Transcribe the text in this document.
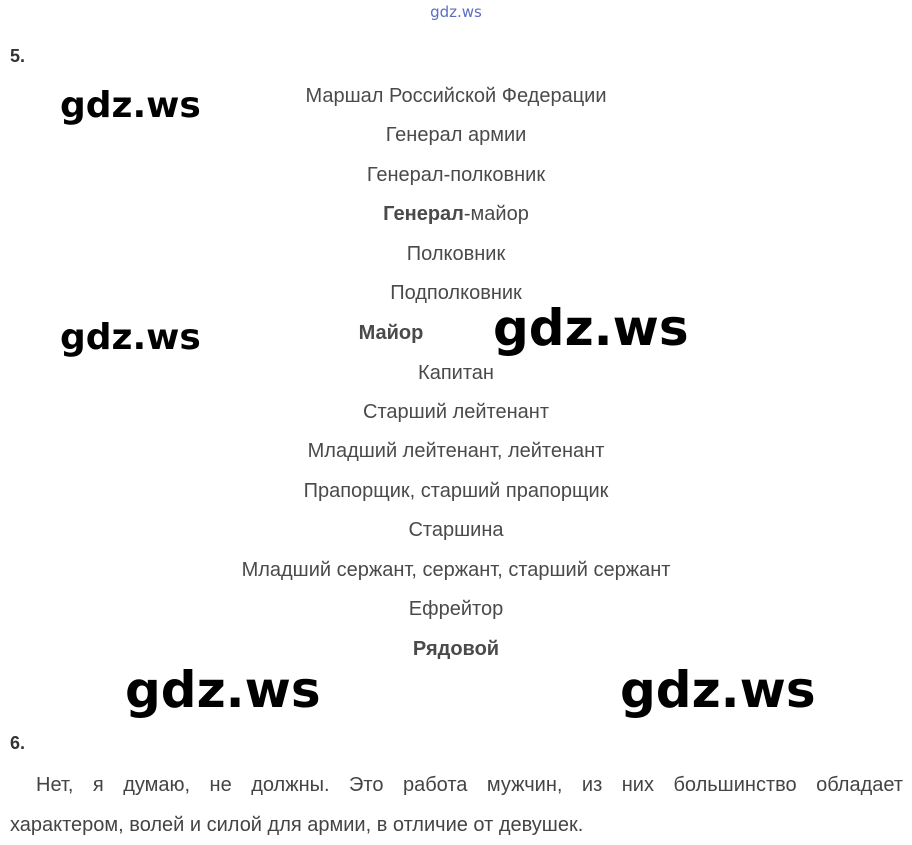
gdz.ws
5.
Маршал Российской Федерации
Генерал армии
Генерал-полковник
Генерал-майор
Полковник
Подполковник
Майор
Капитан
Старший лейтенант
Младший лейтенант, лейтенант
Прапорщик, старший прапорщик
Старшина
Младший сержант, сержант, старший сержант
Ефрейтор
Рядовой
gdz.ws
gdz.ws	gdz.ws
gdz.ws	gdz.ws
6.
Нет, я думаю, не должны. Это работа мужчин, из них большинство обладает
характером, волей и силой для армии, в отличие от девушек.
